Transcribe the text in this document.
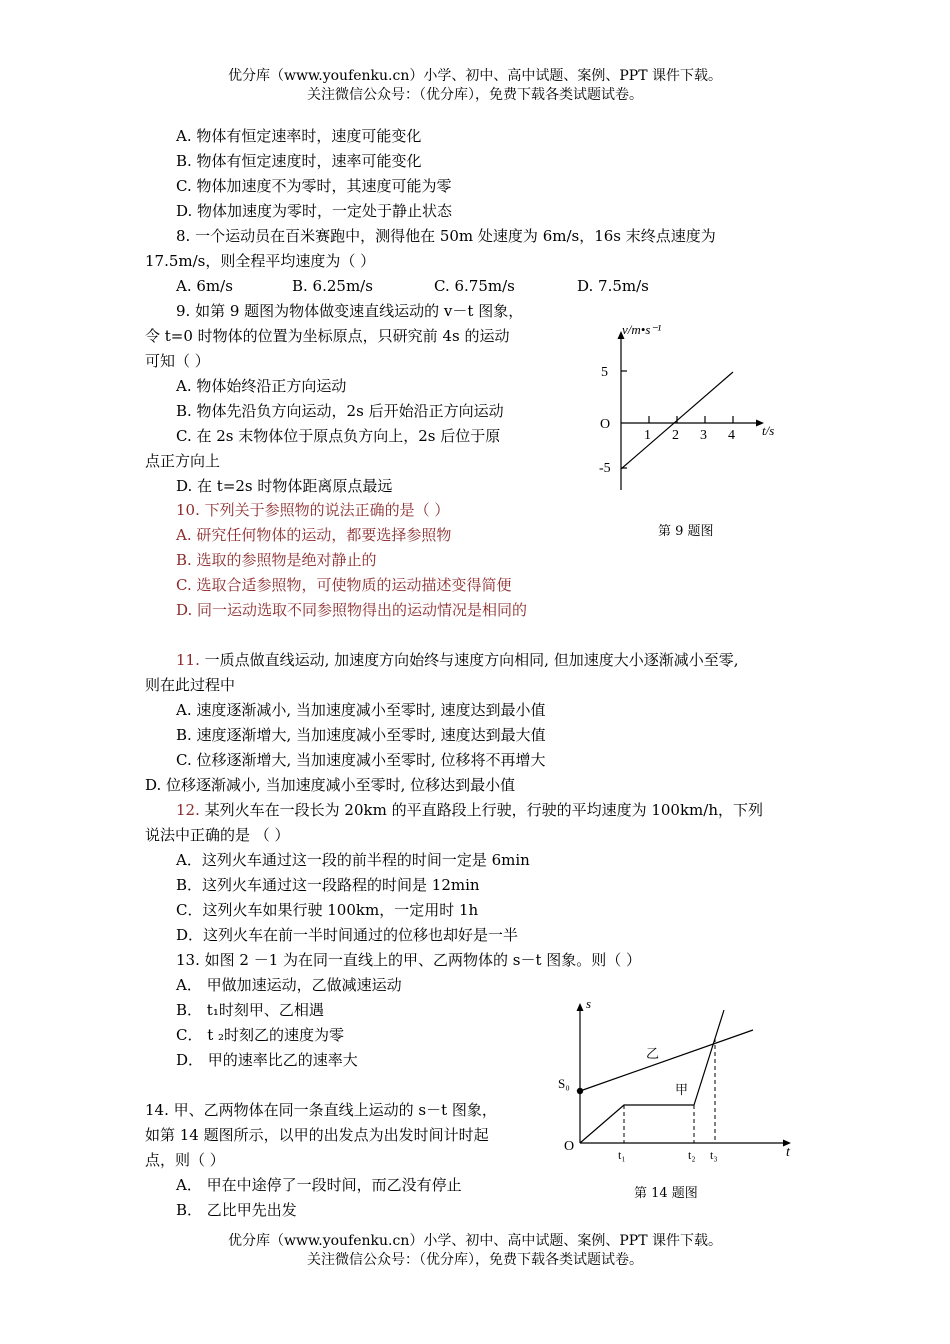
优分库（www.youfenku.cn）小学、初中、高中试题、案例、PPT 课件下载。
关注微信公众号：（优分库），免费下载各类试题试卷。
A. 物体有恒定速率时，速度可能变化
B. 物体有恒定速度时，速率可能变化
C. 物体加速度不为零时，其速度可能为零
D. 物体加速度为零时，一定处于静止状态
8. 一个运动员在百米赛跑中，测得他在 50m 处速度为 6m/s，16s 末终点速度为
17.5m/s，则全程平均速度为（ ）
A. 6m/s	B. 6.25m/s	C. 6.75m/s	D. 7.5m/s
9. 如第 9 题图为物体做变速直线运动的 v－t 图象，
令 t=0 时物体的位置为坐标原点，只研究前 4s 的运动
可知（ ）
A. 物体始终沿正方向运动
B. 物体先沿负方向运动，2s 后开始沿正方向运动
C. 在 2s 末物体位于原点负方向上，2s 后位于原
点正方向上
D. 在 t=2s 时物体距离原点最远
v/m•s⁻¹
t/s
O
5
-5
1 2 3 4
第 9 题图
10. 下列关于参照物的说法正确的是（ ）
A. 研究任何物体的运动，都要选择参照物
B. 选取的参照物是绝对静止的
C. 选取合适参照物，可使物质的运动描述变得简便
D. 同一运动选取不同参照物得出的运动情况是相同的
11. 一质点做直线运动, 加速度方向始终与速度方向相同, 但加速度大小逐渐减小至零,
则在此过程中
A. 速度逐渐减小, 当加速度减小至零时, 速度达到最小值
B. 速度逐渐增大, 当加速度减小至零时, 速度达到最大值
C. 位移逐渐增大, 当加速度减小至零时, 位移将不再增大
D. 位移逐渐减小, 当加速度减小至零时, 位移达到最小值
12. 某列火车在一段长为 20km 的平直路段上行驶，行驶的平均速度为 100km/h，下列
说法中正确的是 （ ）
A．这列火车通过这一段的前半程的时间一定是 6min
B．这列火车通过这一段路程的时间是 12min
C．这列火车如果行驶 100km，一定用时 1h
D．这列火车在前一半时间通过的位移也却好是一半
13. 如图 2 －1 为在同一直线上的甲、乙两物体的 s－t 图象。则（ ）
A． 甲做加速运动，乙做减速运动
B． t₁时刻甲、乙相遇
C． t ₂时刻乙的速度为零
D． 甲的速率比乙的速率大
14. 甲、乙两物体在同一条直线上运动的 s－t 图象，
如第 14 题图所示，以甲的出发点为出发时间计时起
点，则（ ）
A． 甲在中途停了一段时间，而乙没有停止
B． 乙比甲先出发
s
t
O
S₀
乙
甲
t₁	t₂ t₃
第 14 题图
优分库（www.youfenku.cn）小学、初中、高中试题、案例、PPT 课件下载。
关注微信公众号：（优分库），免费下载各类试题试卷。
